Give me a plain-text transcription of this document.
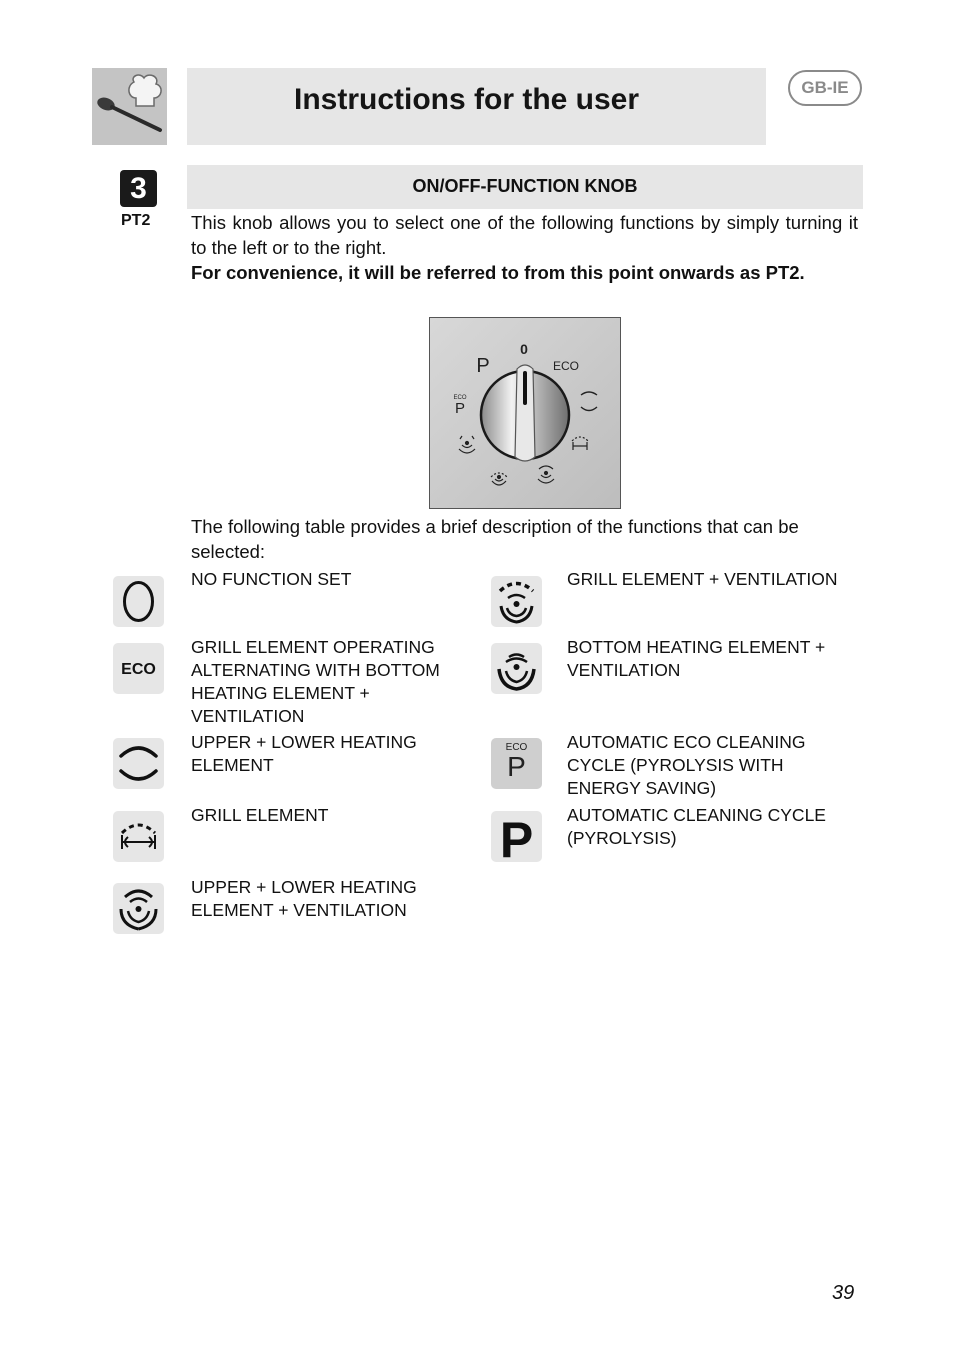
Instructions for the user	GB-IE
3
PT2
ON/OFF-FUNCTION KNOB
This knob allows you to select one of the following functions by simply turning it to the left or to the right.
For convenience, it will be referred to from this point onwards as PT2.
0
P	ECO
ECO
P
The following table provides a brief description of the functions that can be selected:
NO FUNCTION SET
ECO
GRILL ELEMENT OPERATING ALTERNATING WITH BOTTOM HEATING ELEMENT + VENTILATION
UPPER + LOWER HEATING ELEMENT
GRILL ELEMENT
UPPER + LOWER HEATING ELEMENT + VENTILATION
GRILL ELEMENT + VENTILATION
BOTTOM HEATING ELEMENT + VENTILATION
ECO
P
AUTOMATIC ECO CLEANING CYCLE (PYROLYSIS WITH ENERGY SAVING)
P AUTOMATIC CLEANING CYCLE (PYROLYSIS)
39
